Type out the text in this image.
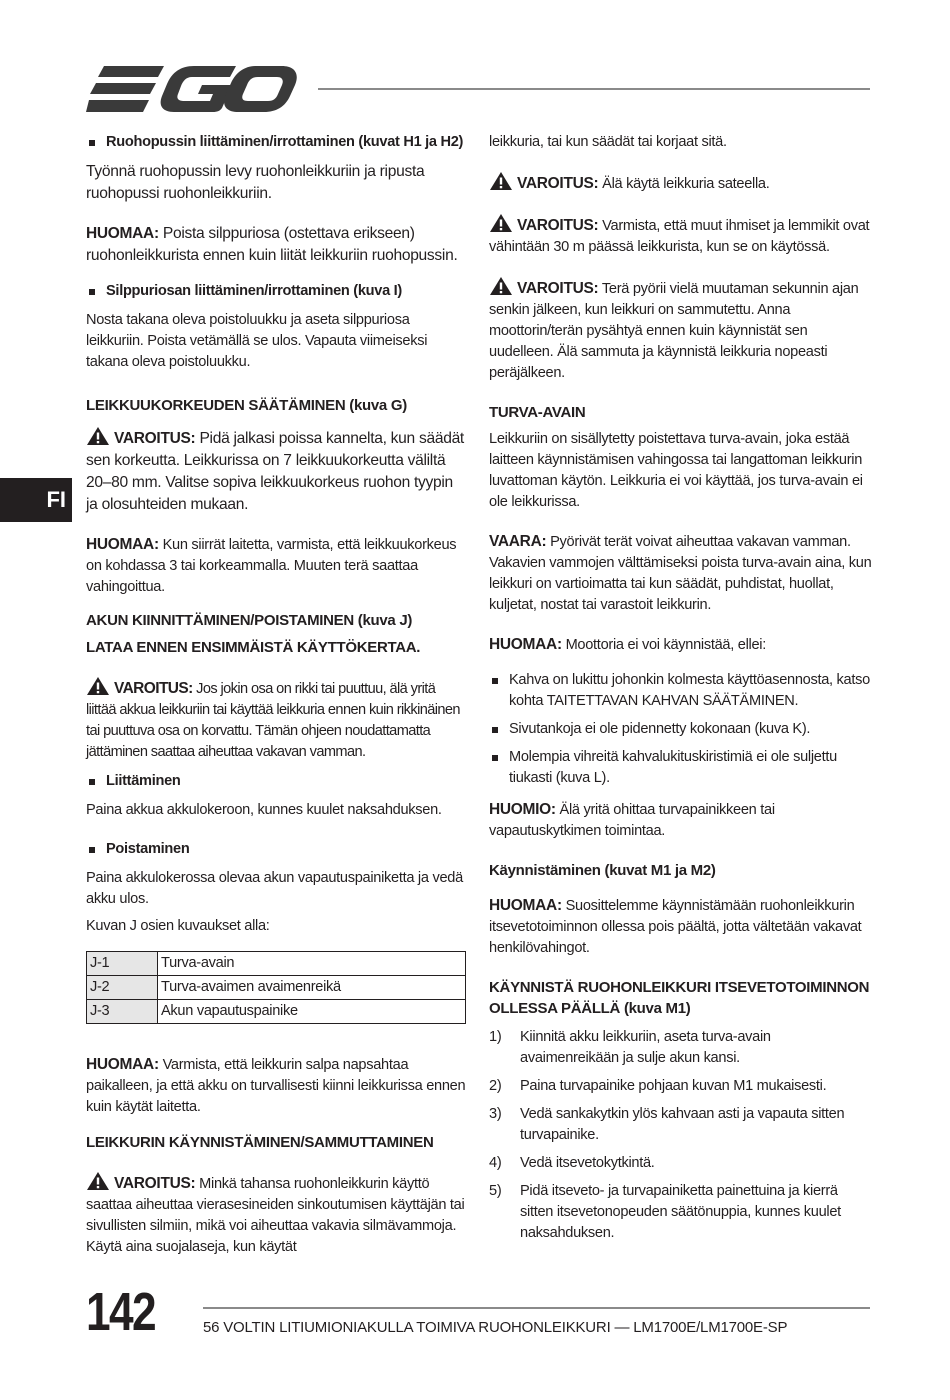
FI
Ruohopussin liittäminen/irrottaminen (kuvat H1 ja H2)

Työnnä ruohopussin levy ruohonleikkuriin ja ripusta ruohopussi ruohonleikkuriin.

HUOMAA: Poista silppuriosa (ostettava erikseen) ruohonleikkurista ennen kuin liität leikkuriin ruohopussin.

Silppuriosan liittäminen/irrottaminen (kuva I)

Nosta takana oleva poistoluukku ja aseta silppuriosa leikkuriin. Poista vetämällä se ulos. Vapauta viimeiseksi takana oleva poistoluukku.

LEIKKUUKORKEUDEN SÄÄTÄMINEN (kuva G)

VAROITUS: Pidä jalkasi poissa kannelta, kun säädät sen korkeutta. Leikkurissa on 7 leikkuukorkeutta väliltä 20–80 mm. Valitse sopiva leikkuukorkeus ruohon tyypin ja olosuhteiden mukaan.

HUOMAA: Kun siirrät laitetta, varmista, että leikkuukorkeus on kohdassa 3 tai korkeammalla. Muuten terä saattaa vahingoittua.

AKUN KIINNITTÄMINEN/POISTAMINEN (kuva J)
LATAA ENNEN ENSIMMÄISTÄ KÄYTTÖKERTAA.

VAROITUS: Jos jokin osa on rikki tai puuttuu, älä yritä liittää akkua leikkuriin tai käyttää leikkuria ennen kuin rikkinäinen tai puuttuva osa on korvattu. Tämän ohjeen noudattamatta jättäminen saattaa aiheuttaa vakavan vamman.

Liittäminen

Paina akkua akkulokeroon, kunnes kuulet naksahduksen.

Poistaminen

Paina akkulokerossa olevaa akun vapautuspainiketta ja vedä akku ulos.

Kuvan J osien kuvaukset alla:

J-1	Turva-avain
J-2	Turva-avaimen avaimenreikä
J-3	Akun vapautuspainike

HUOMAA: Varmista, että leikkurin salpa napsahtaa paikalleen, ja että akku on turvallisesti kiinni leikkurissa ennen kuin käytät laitetta.

LEIKKURIN KÄYNNISTÄMINEN/SAMMUTTAMINEN

VAROITUS: Minkä tahansa ruohonleikkurin käyttö saattaa aiheuttaa vierasesineiden sinkoutumisen käyttäjän tai sivullisten silmiin, mikä voi aiheuttaa vakavia silmävammoja. Käytä aina suojalaseja, kun käytät

leikkuria, tai kun säädät tai korjaat sitä.

VAROITUS: Älä käytä leikkuria sateella.

VAROITUS: Varmista, että muut ihmiset ja lemmikit ovat vähintään 30 m päässä leikkurista, kun se on käytössä.

VAROITUS: Terä pyörii vielä muutaman sekunnin ajan senkin jälkeen, kun leikkuri on sammutettu. Anna moottorin/terän pysähtyä ennen kuin käynnistät sen uudelleen. Älä sammuta ja käynnistä leikkuria nopeasti peräjälkeen.

TURVA-AVAIN

Leikkuriin on sisällytetty poistettava turva-avain, joka estää laitteen käynnistämisen vahingossa tai langattoman leikkurin luvattoman käytön. Leikkuria ei voi käyttää, jos turva-avain ei ole leikkurissa.

VAARA: Pyörivät terät voivat aiheuttaa vakavan vamman. Vakavien vammojen välttämiseksi poista turva-avain aina, kun leikkuri on vartioimatta tai kun säädät, puhdistat, huollat, kuljetat, nostat tai varastoit leikkurin.

HUOMAA: Moottoria ei voi käynnistää, ellei:

Kahva on lukittu johonkin kolmesta käyttöasennosta, katso kohta TAITETTAVAN KAHVAN SÄÄTÄMINEN.
Sivutankoja ei ole pidennetty kokonaan (kuva K).
Molempia vihreitä kahvalukituskiristimiä ei ole suljettu tiukasti (kuva L).

HUOMIO: Älä yritä ohittaa turvapainikkeen tai vapautuskytkimen toimintaa.

Käynnistäminen (kuvat M1 ja M2)

HUOMAA: Suosittelemme käynnistämään ruohonleikkurin itsevetotoiminnon ollessa pois päältä, jotta vältetään vakavat henkilövahingot.

KÄYNNISTÄ RUOHONLEIKKURI ITSEVETOTOIMINNON OLLESSA PÄÄLLÄ (kuva M1)
1) Kiinnitä akku leikkuriin, aseta turva-avain avaimenreikään ja sulje akun kansi.
2) Paina turvapainike pohjaan kuvan M1 mukaisesti.
3) Vedä sankakytkin ylös kahvaan asti ja vapauta sitten turvapainike.
4) Vedä itsevetokytkintä.
5) Pidä itseveto- ja turvapainiketta painettuina ja kierrä sitten itsevetonopeuden säätönuppia, kunnes kuulet naksahduksen.
142	56 VOLTIN LITIUMIONIAKULLA TOIMIVA RUOHONLEIKKURI — LM1700E/LM1700E-SP
